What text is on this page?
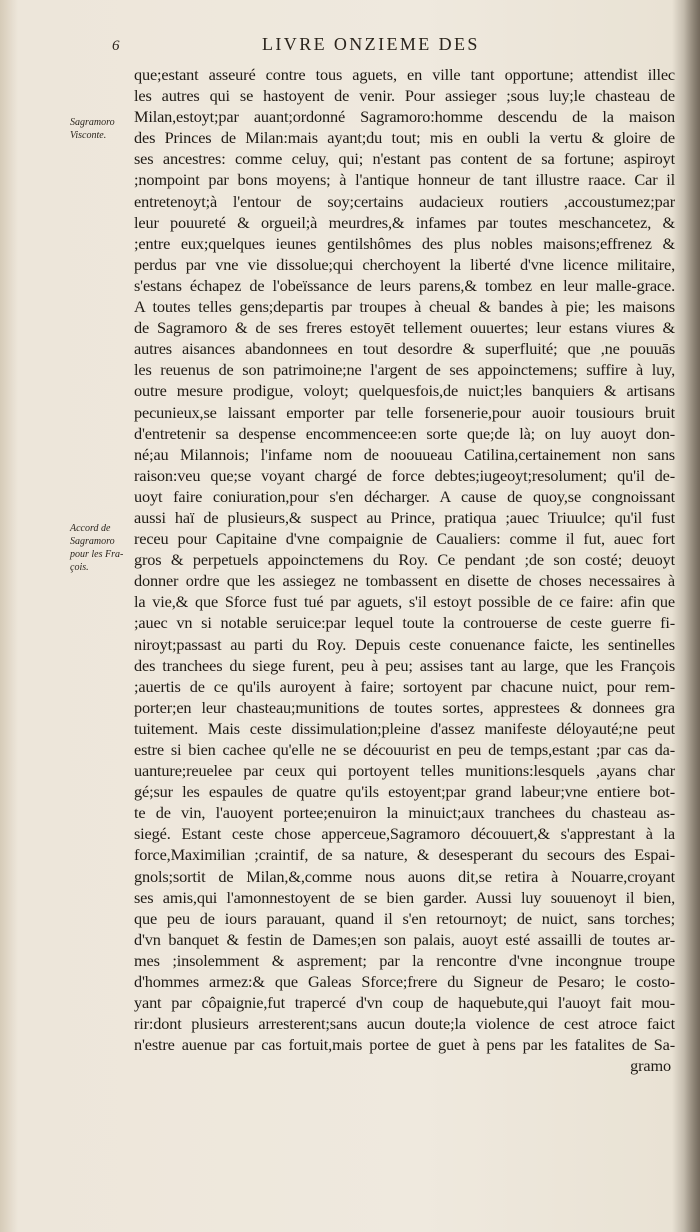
6	LIVRE ONZIEME DES
Sagramoro
Visconte.
Accord de
Sagramoro
pour les Fra-
çois.
que;estant asseuré contre tous aguets, en ville tant opportune; attendist illec
les autres qui se hastoyent de venir. Pour assieger ;sous luy;le chasteau de
Milan,estoyt;par auant;ordonné Sagramoro:homme descendu de la maison
des Princes de Milan:mais ayant;du tout; mis en oubli la vertu & gloire de
ses ancestres: comme celuy, qui; n'estant pas content de sa fortune; aspiroyt
;nompoint par bons moyens; à l'antique honneur de tant illustre raace. Car il
entretenoyt;à l'entour de soy;certains audacieux routiers ,accoustumez;par
leur pouureté & orgueil;à meurdres,& infames par toutes meschancetez, &
;entre eux;quelques ieunes gentilshômes des plus nobles maisons;effrenez &
perdus par vne vie dissolue;qui cherchoyent la liberté d'vne licence militaire,
s'estans échapez de l'obeïssance de leurs parens,& tombez en leur malle-grace.
A toutes telles gens;departis par troupes à cheual & bandes à pie; les maisons
de Sagramoro & de ses freres estoyēt tellement ouuertes; leur estans viures &
autres aisances abandonnees en tout desordre & superfluité; que ,ne pouuās
les reuenus de son patrimoine;ne l'argent de ses appoinctemens; suffire à luy,
outre mesure prodigue, voloyt; quelquesfois,de nuict;les banquiers & artisans
pecunieux,se laissant emporter par telle forsenerie,pour auoir tousiours bruit
d'entretenir sa despense encommencee:en sorte que;de là; on luy auoyt don-
né;au Milannois; l'infame nom de noouueau Catilina,certainement non sans
raison:veu que;se voyant chargé de force debtes;iugeoyt;resolument; qu'il de-
uoyt faire coniuration,pour s'en décharger. A cause de quoy,se congnoissant
aussi haï de plusieurs,& suspect au Prince, pratiqua ;auec Triuulce; qu'il fust
receu pour Capitaine d'vne compaignie de Caualiers: comme il fut, auec fort
gros & perpetuels appoinctemens du Roy. Ce pendant ;de son costé; deuoyt
donner ordre que les assiegez ne tombassent en disette de choses necessaires à
la vie,& que Sforce fust tué par aguets, s'il estoyt possible de ce faire: afin que
;auec vn si notable seruice:par lequel toute la controuerse de ceste guerre fi-
niroyt;passast au parti du Roy. Depuis ceste conuenance faicte, les sentinelles
des tranchees du siege furent, peu à peu; assises tant au large, que les François
;auertis de ce qu'ils auroyent à faire; sortoyent par chacune nuict, pour rem-
porter;en leur chasteau;munitions de toutes sortes, apprestees & donnees gra
tuitement. Mais ceste dissimulation;pleine d'assez manifeste déloyauté;ne peut
estre si bien cachee qu'elle ne se découurist en peu de temps,estant ;par cas da-
uanture;reuelee par ceux qui portoyent telles munitions:lesquels ,ayans char
gé;sur les espaules de quatre qu'ils estoyent;par grand labeur;vne entiere bot-
te de vin, l'auoyent portee;enuiron la minuict;aux tranchees du chasteau as-
siegé. Estant ceste chose apperceue,Sagramoro découuert,& s'apprestant à la
force,Maximilian ;craintif, de sa nature, & desesperant du secours des Espai-
gnols;sortit de Milan,&,comme nous auons dit,se retira à Nouarre,croyant
ses amis,qui l'amonnestoyent de se bien garder. Aussi luy souuenoyt il bien,
que peu de iours parauant, quand il s'en retournoyt; de nuict, sans torches;
d'vn banquet & festin de Dames;en son palais, auoyt esté assailli de toutes ar-
mes ;insolemment & asprement; par la rencontre d'vne incongnue troupe
d'hommes armez:& que Galeas Sforce;frere du Signeur de Pesaro; le costo-
yant par côpaignie,fut trapercé d'vn coup de haquebute,qui l'auoyt fait mou-
rir:dont plusieurs arresterent;sans aucun doute;la violence de cest atroce faict
n'estre auenue par cas fortuit,mais portee de guet à pens par les fatalites de Sa-
gramo
